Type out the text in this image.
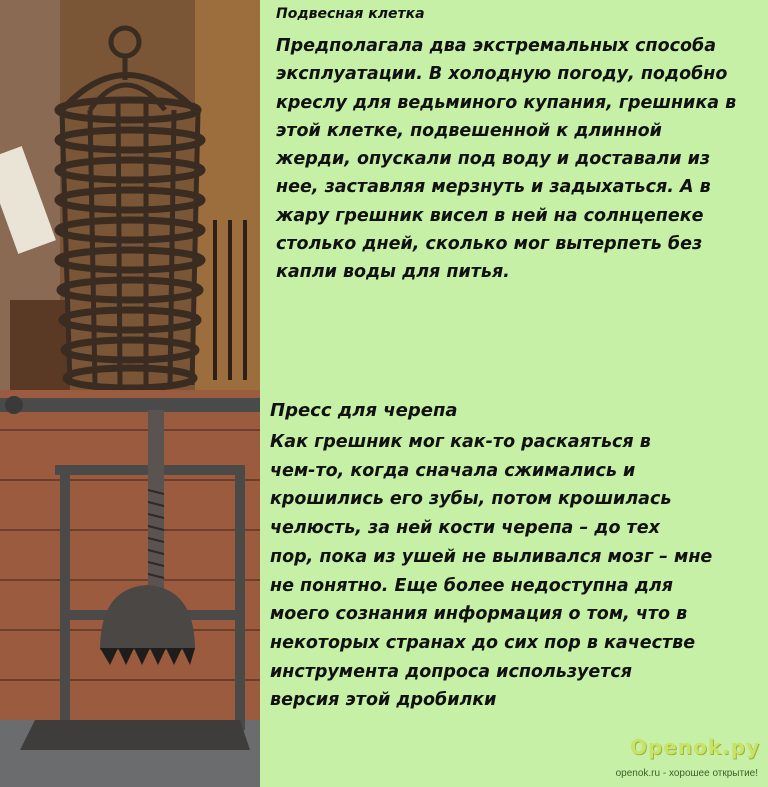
Подвесная клетка

Предполагала два экстремальных способа
эксплуатации. В холодную погоду, подобно
креслу для ведьминого купания, грешника в
этой клетке, подвешенной к длинной
жерди, опускали под воду и доставали из
нее, заставляя мерзнуть и задыхаться. А в
жару грешник висел в ней на солнцепеке
столько дней, сколько мог вытерпеть без
капли воды для питья.

Пресс для черепа

Как грешник мог как-то раскаяться в
чем-то, когда сначала сжимались и
крошились его зубы, потом крошилась
челюсть, за ней кости черепа – до тех
пор, пока из ушей не выливался мозг – мне
не понятно. Еще более недоступна для
моего сознания информация о том, что в
некоторых странах до сих пор в качестве
инструмента допроса используется
версия этой дробилки

Openok.py
openok.ru - хорошее открытие!
